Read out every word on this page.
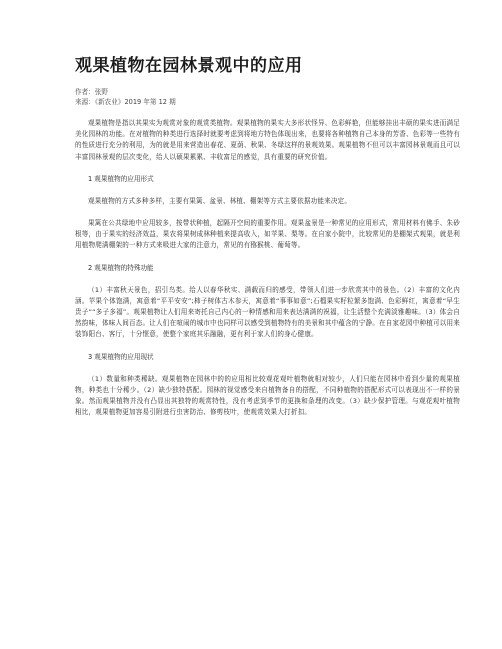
观果植物在园林景观中的应用
作者：张野
来源：《新农业》2019 年第 12 期

观果植物是指以其果实为观赏对象的观赏类植物。观果植物的果实大多形状怪异、色彩鲜艳，但能够挂出丰硕的果实进而满足美化园林的功能。在对植物的种类进行选择时就要考虑到将地方特色体现出来，也要将各种植物自己本身的芳香、色彩等一些特有的性质进行充分的利用，为的就是用来营造出春花、夏荫、秋果、冬绿这样的景观效果。观果植物不但可以丰富园林景观而且可以丰富园林景观的层次变化，给人以硕果累累、丰收富足的感觉，具有重要的研究价值。

1 观果植物的应用形式

观果植物的方式多种多样，主要有果篱、盆景、林植、棚架等方式主要依据功能来决定。

果篱在公共绿地中应用较多，按带状种植，起隔开空间的重要作用。观果盆景是一种常见的应用形式，常用材料有佛手、朱砂根等，由于果实的经济效益，果农将果树成林种植来提高收入，如苹果、梨等。在自家小院中，比较常见的是棚架式观果，就是利用植物爬满棚架的一种方式来吸进大家的注意力，常见的有猕猴桃、葡萄等。

2 观果植物的特殊功能

（1）丰富秋天景色，招引鸟类。给人以春华秋实、满载而归的感受，带领人们进一步欣赏其中的景色。（2）丰富的文化内涵。苹果个体饱满，寓意着“平平安安”;柿子树体古木参天，寓意着“事事如意”;石榴果实籽粒繁多饱满、色彩鲜红，寓意着“早生贵子”“多子多福”。观果植物让人们用来寄托自己内心的一种情感和用来表达满满的祝福，让生活整个充满淡雅趣味。（3）体会自然韵味，体味人间百态。让人们在喧闹的城市中也同样可以感受到植物特有的美景和其中蕴含的宁静。在自家花园中种植可以用来装饰阳台、客厅，十分惬意，使整个家庭其乐融融，更有利于家人们的身心健康。

3 观果植物的应用现状

（1）数量和种类稀缺。观果植物在园林中的的应用相比较观花观叶植物就相对较少，人们只能在园林中看到少量的观果植物，种类也十分稀少。（2）缺少独特搭配。园林的视觉感受来自植物备自的搭配，不同种植物的搭配形式可以表现出不一样的景象。然而观果植物并没有凸显出其独特的观赏特性，没有考虑到季节的更换和条理的改变。（3）缺少保护管理。与观花观叶植物相比，观果植物更加容易引附进行虫害防治、修剪枝叶，使观赏效果大打折扣。
